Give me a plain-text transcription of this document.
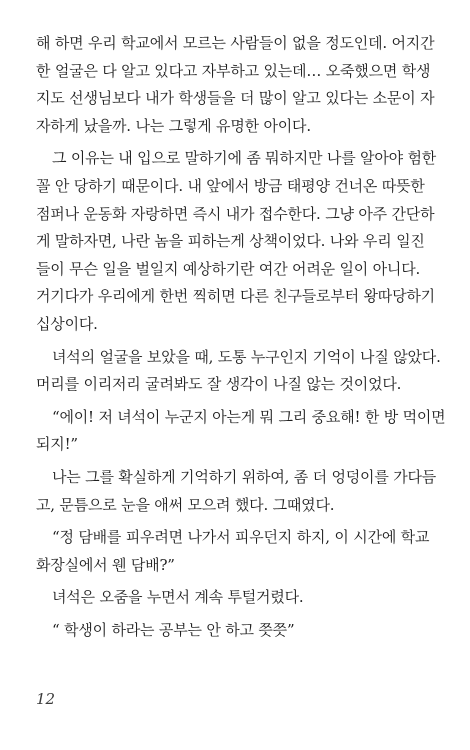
해 하면 우리 학교에서 모르는 사람들이 없을 정도인데. 어지간
한 얼굴은 다 알고 있다고 자부하고 있는데… 오죽했으면 학생
지도 선생님보다 내가 학생들을 더 많이 알고 있다는 소문이 자
자하게 났을까. 나는 그렇게 유명한 아이다.
그 이유는 내 입으로 말하기에 좀 뭐하지만 나를 알아야 험한
꼴 안 당하기 때문이다. 내 앞에서 방금 태평양 건너온 따뜻한
점퍼나 운동화 자랑하면 즉시 내가 접수한다. 그냥 아주 간단하
게 말하자면, 나란 놈을 피하는게 상책이었다. 나와 우리 일진
들이 무슨 일을 벌일지 예상하기란 여간 어려운 일이 아니다.
거기다가 우리에게 한번 찍히면 다른 친구들로부터 왕따당하기
십상이다.
녀석의 얼굴을 보았을 때, 도통 누구인지 기억이 나질 않았다.
머리를 이리저리 굴려봐도 잘 생각이 나질 않는 것이었다.
“에이! 저 녀석이 누군지 아는게 뭐 그리 중요해! 한 방 먹이면
되지!”
나는 그를 확실하게 기억하기 위하여, 좀 더 엉덩이를 가다듬
고, 문틈으로 눈을 애써 모으려 했다. 그때였다.
“정 담배를 피우려면 나가서 피우던지 하지, 이 시간에 학교
화장실에서 웬 담배?”
녀석은 오줌을 누면서 계속 투털거렸다.
“ 학생이 하라는 공부는 안 하고 쯧쯧”
12
